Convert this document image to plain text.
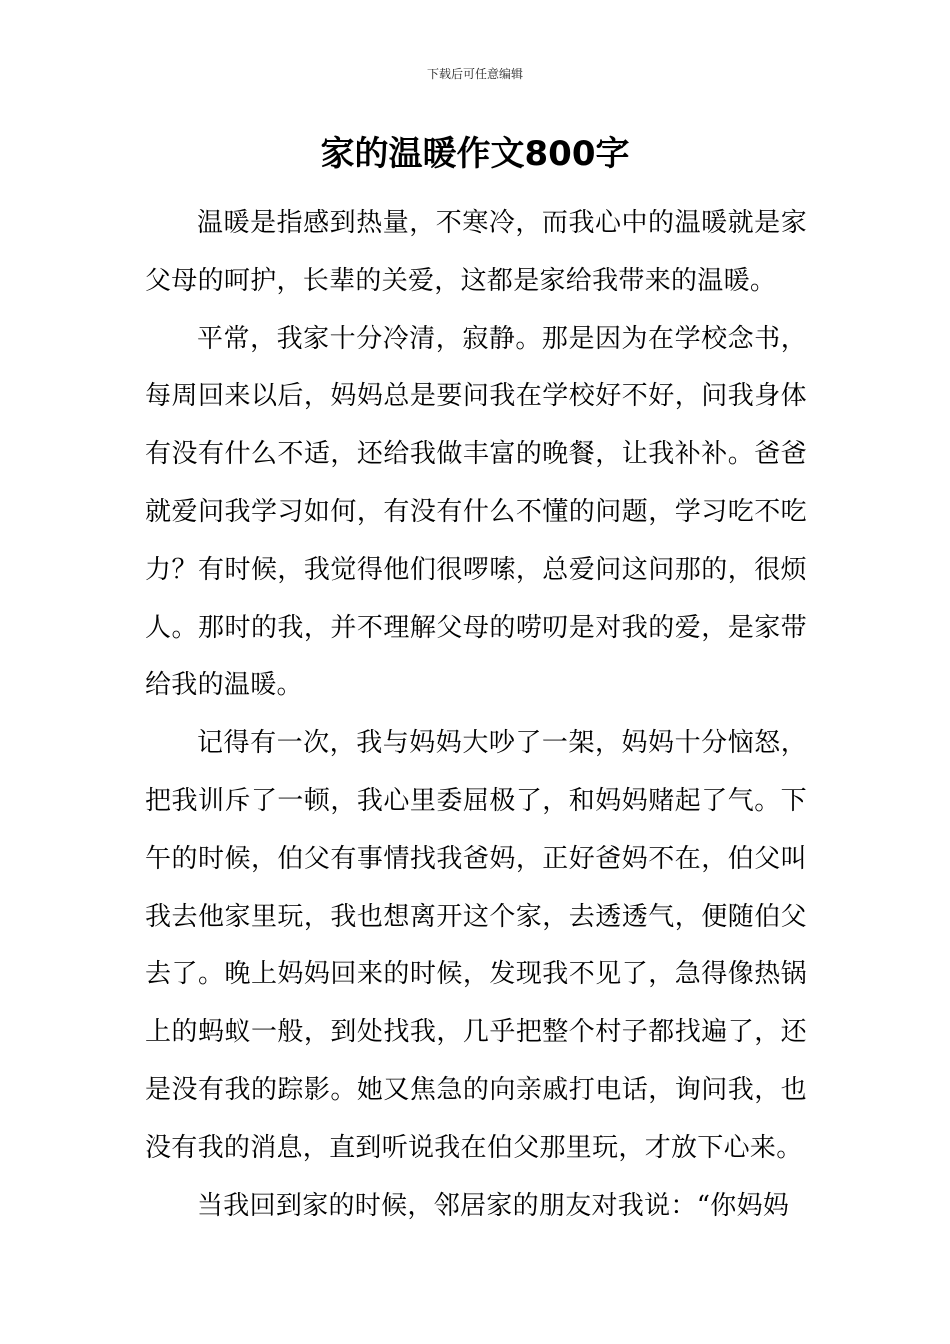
下载后可任意编辑
家的温暖作文800字

温暖是指感到热量，不寒冷，而我心中的温暖就是家父母的呵护，长辈的关爱，这都是家给我带来的温暖。

平常，我家十分冷清，寂静。那是因为在学校念书，每周回来以后，妈妈总是要问我在学校好不好，问我身体有没有什么不适，还给我做丰富的晚餐，让我补补。爸爸就爱问我学习如何，有没有什么不懂的问题，学习吃不吃力？有时候，我觉得他们很啰嗦，总爱问这问那的，很烦人。那时的我，并不理解父母的唠叨是对我的爱，是家带给我的温暖。

记得有一次，我与妈妈大吵了一架，妈妈十分恼怒，把我训斥了一顿，我心里委屈极了，和妈妈赌起了气。下午的时候，伯父有事情找我爸妈，正好爸妈不在，伯父叫我去他家里玩，我也想离开这个家，去透透气，便随伯父去了。晚上妈妈回来的时候，发现我不见了，急得像热锅上的蚂蚁一般，到处找我，几乎把整个村子都找遍了，还是没有我的踪影。她又焦急的向亲戚打电话，询问我，也没有我的消息，直到听说我在伯父那里玩，才放下心来。

当我回到家的时候，邻居家的朋友对我说：“你妈妈
